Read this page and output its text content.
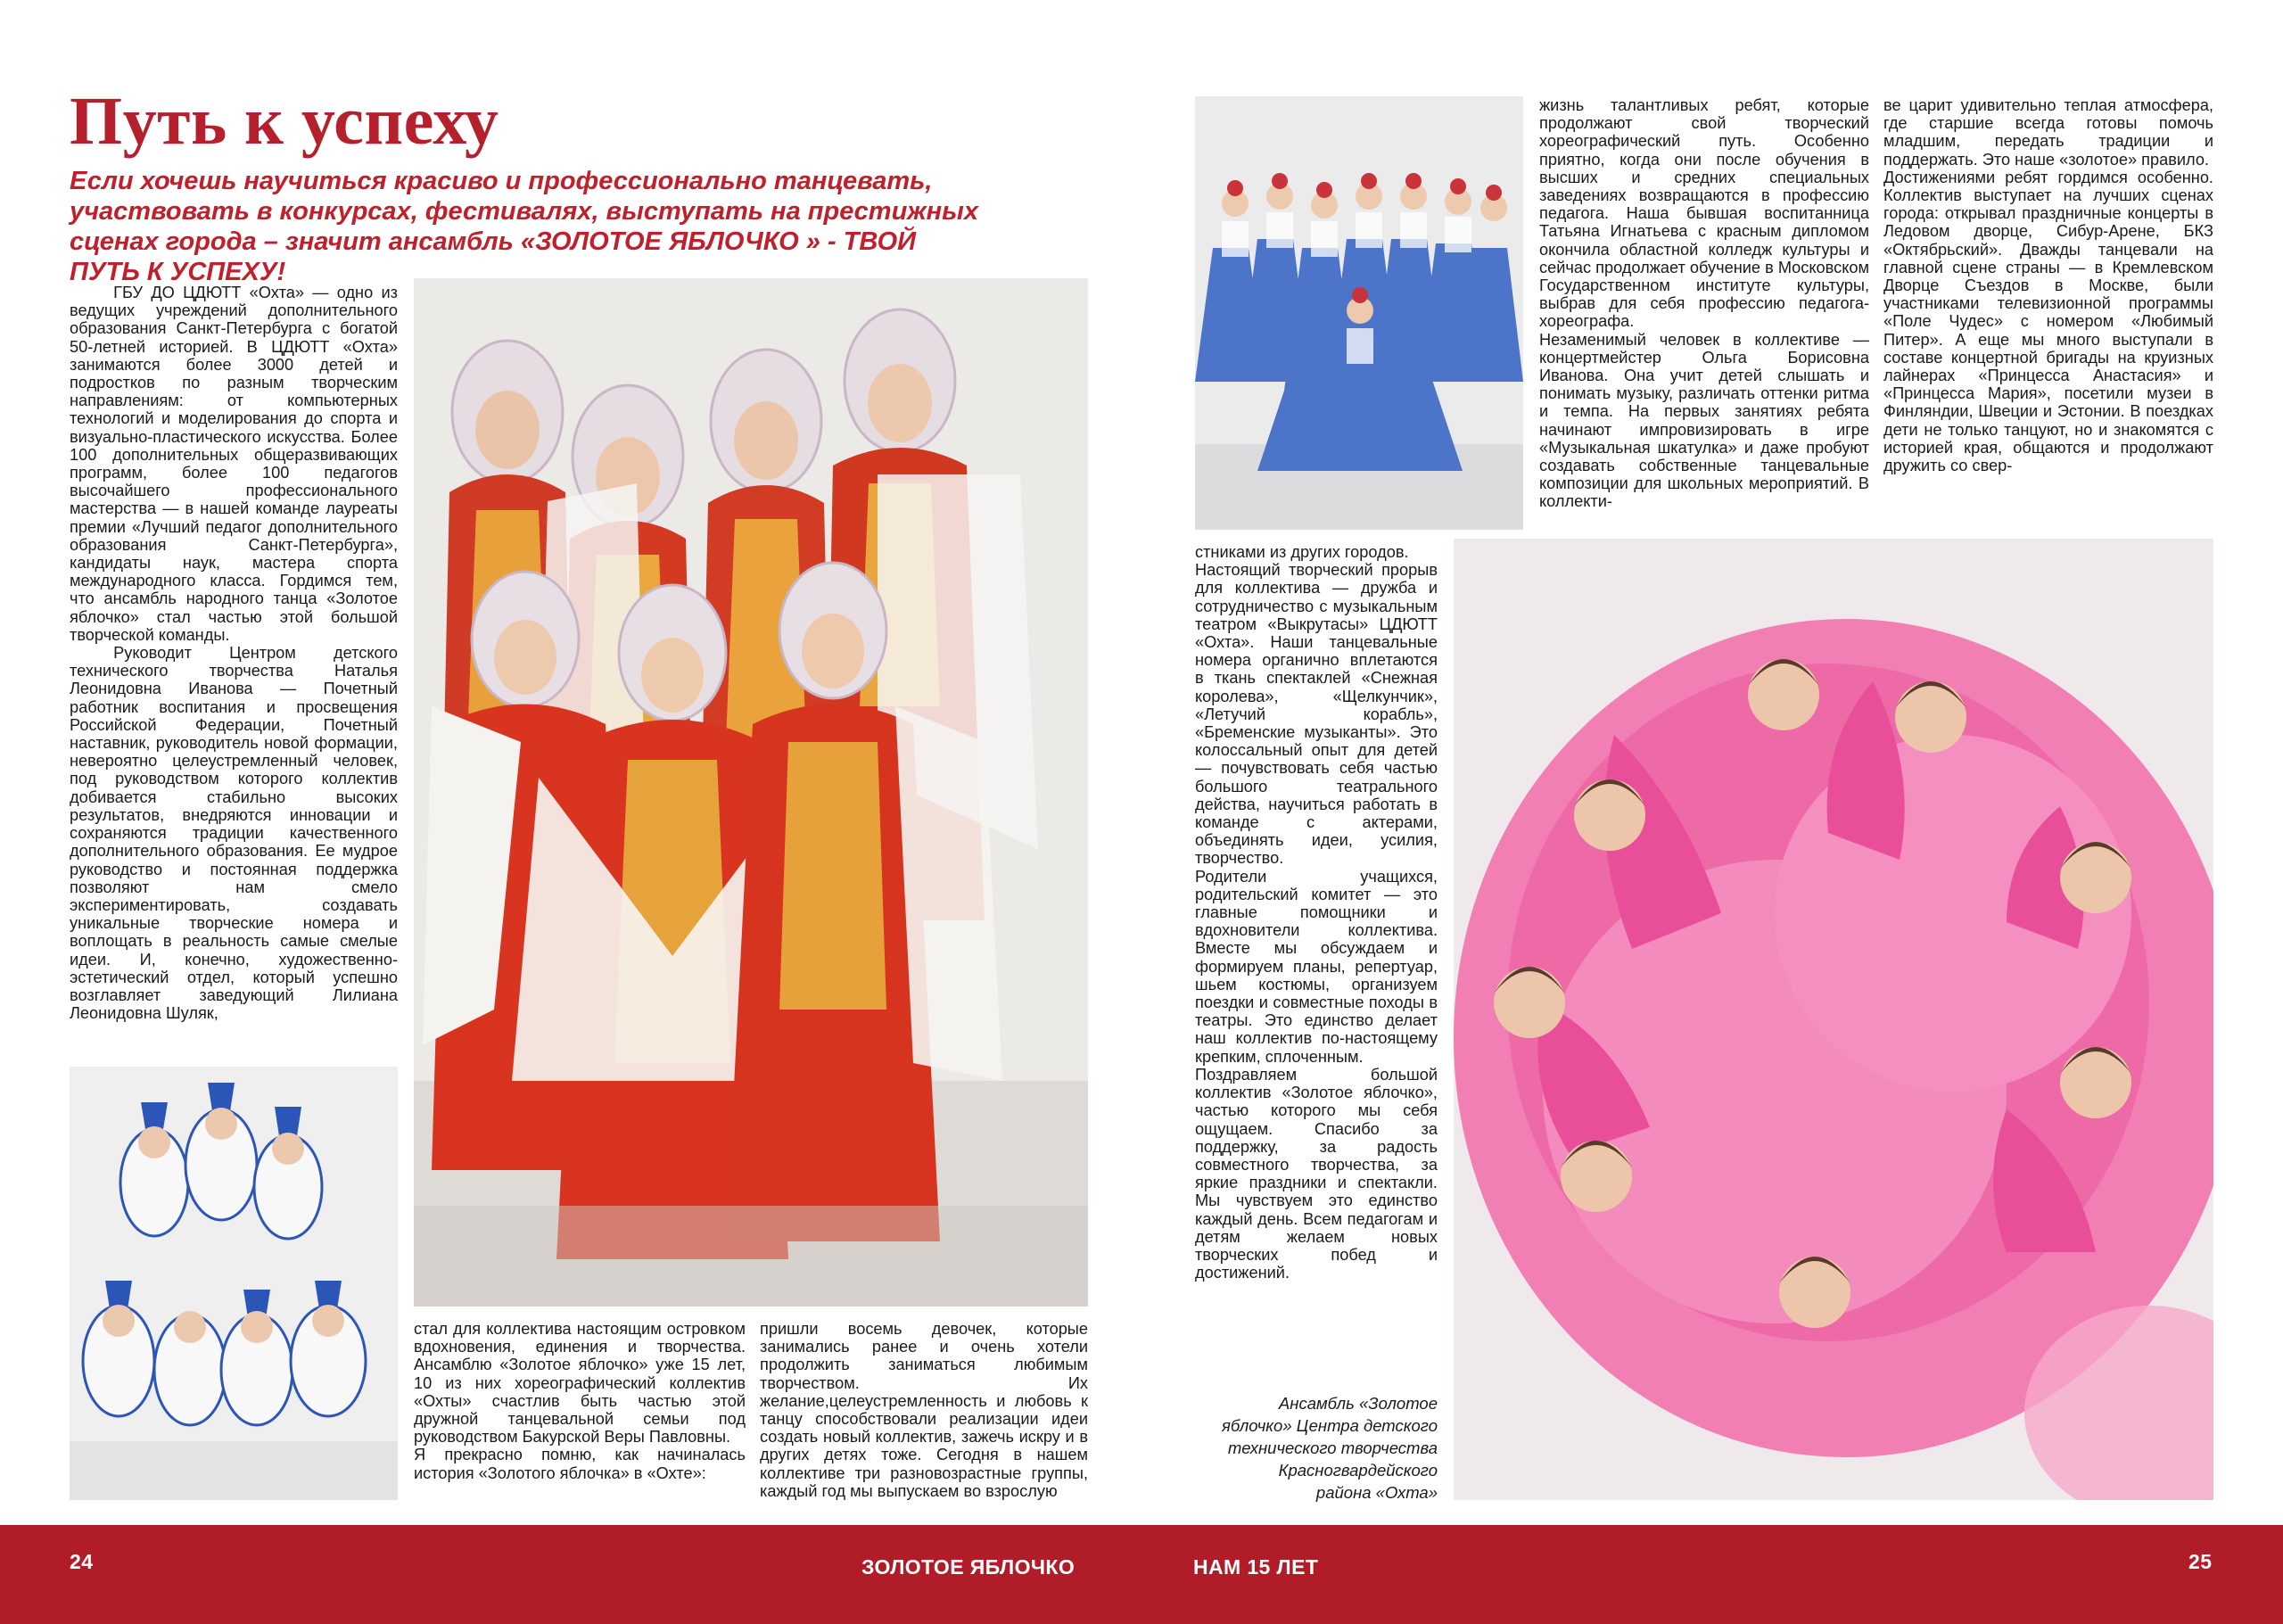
Путь к успеху
Если хочешь научиться красиво и профессионально танцевать, участвовать в конкурсах, фестивалях, выступать на престижных сценах города – значит ансамбль «ЗОЛОТОЕ ЯБЛОЧКО » - ТВОЙ ПУТЬ К УСПЕХУ!

ГБУ ДО ЦДЮТТ «Охта» — одно из ведущих учреждений дополнительного образования Санкт-Петербурга с богатой 50-летней историей. В ЦДЮТТ «Охта» занимаются более 3000 детей и подростков по разным творческим направлениям: от компьютерных технологий и моделирования до спорта и визуально-пластического искусства. Более 100 дополнительных общеразвивающих программ, более 100 педагогов высочайшего профессионального мастерства — в нашей команде лауреаты премии «Лучший педагог дополнительного образования Санкт-Петербурга», кандидаты наук, мастера спорта международного класса. Гордимся тем, что ансамбль народного танца «Золотое яблочко» стал частью этой большой творческой команды.

Руководит Центром детского технического творчества Наталья Леонидовна Иванова — Почетный работник воспитания и просвещения Российской Федерации, Почетный наставник, руководитель новой формации, невероятно целеустремленный человек, под руководством которого коллектив добивается стабильно высоких результатов, внедряются инновации и сохраняются традиции качественного дополнительного образования. Ее мудрое руководство и постоянная поддержка позволяют нам смело экспериментировать, создавать уникальные творческие номера и воплощать в реальность самые смелые идеи. И, конечно, художественно-эстетический отдел, который успешно возглавляет заведующий Лилиана Леонидовна Шуляк,

стал для коллектива настоящим островком вдохновения, единения и творчества. Ансамблю «Золотое яблочко» уже 15 лет, 10 из них хореографический коллектив «Охты» счастлив быть частью этой дружной танцевальной семьи под руководством Бакурской Веры Павловны.

Я прекрасно помню, как начиналась история «Золотого яблочка» в «Охте»:

пришли восемь девочек, которые занимались ранее и очень хотели продолжить заниматься любимым творчеством. Их желание,целеустремленность и любовь к танцу способствовали реализации идеи создать новый коллектив, зажечь искру и в других детях тоже. Сегодня в нашем коллективе три разновозрастные группы, каждый год мы выпускаем во взрослую

жизнь талантливых ребят, которые продолжают свой творческий хореографический путь. Особенно приятно, когда они после обучения в высших и средних специальных заведениях возвращаются в профессию педагога. Наша бывшая воспитанница Татьяна Игнатьева с красным дипломом окончила областной колледж культуры и сейчас продолжает обучение в Московском Государственном институте культуры, выбрав для себя профессию педагога-хореографа.

Незаменимый человек в коллективе — концертмейстер Ольга Борисовна Иванова. Она учит детей слышать и понимать музыку, различать оттенки ритма и темпа. На первых занятиях ребята начинают импровизировать в игре «Музыкальная шкатулка» и даже пробуют создавать собственные танцевальные композиции для школьных мероприятий. В коллекти-

ве царит удивительно теплая атмосфера, где старшие всегда готовы помочь младшим, передать традиции и поддержать. Это наше «золотое» правило.

Достижениями ребят гордимся особенно. Коллектив выступает на лучших сценах города: открывал праздничные концерты в Ледовом дворце, Сибур-Арене, БКЗ «Октябрьский». Дважды танцевали на главной сцене страны — в Кремлевском Дворце Съездов в Москве, были участниками телевизионной программы «Поле Чудес» с номером «Любимый Питер». А еще мы много выступали в составе концертной бригады на круизных лайнерах «Принцесса Анастасия» и «Принцесса Мария», посетили музеи в Финляндии, Швеции и Эстонии. В поездках дети не только танцуют, но и знакомятся с историей края, общаются и продолжают дружить со свер-

стниками из других городов.

Настоящий творческий прорыв для коллектива — дружба и сотрудничество с музыкальным театром «Выкрутасы» ЦДЮТТ «Охта». Наши танцевальные номера органично вплетаются в ткань спектаклей «Снежная королева», «Щелкунчик», «Летучий корабль», «Бременские музыканты». Это колоссальный опыт для детей — почувствовать себя частью большого театрального действа, научиться работать в команде с актерами, объединять идеи, усилия, творчество.

Родители учащихся, родительский комитет — это главные помощники и вдохновители коллектива. Вместе мы обсуждаем и формируем планы, репертуар, шьем костюмы, организуем поездки и совместные походы в театры. Это единство делает наш коллектив по-настоящему крепким, сплоченным.

Поздравляем большой коллектив «Золотое яблочко», частью которого мы себя ощущаем. Спасибо за поддержку, за радость совместного творчества, за яркие праздники и спектакли. Мы чувствуем это единство каждый день. Всем педагогам и детям желаем новых творческих побед и достижений.

Ансамбль «Золотое
яблочко» Центра детского
технического творчества
Красногвардейского
района «Охта»
24	ЗОЛОТОЕ ЯБЛОЧКО	НАМ 15 ЛЕТ	25
